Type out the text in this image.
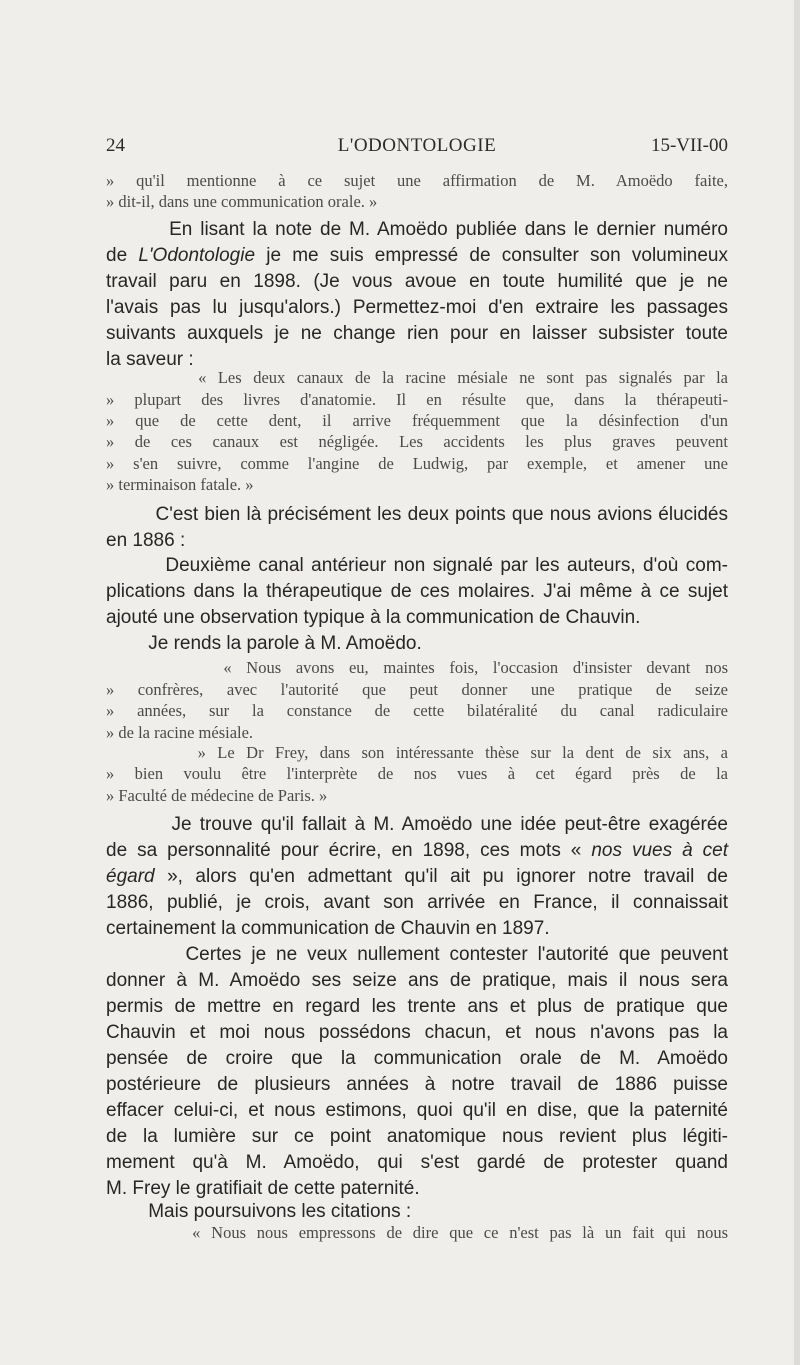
24	L'ODONTOLOGIE	15-VII-00
» qu'il mentionne à ce sujet une affirmation de M. Amoëdo faite,
» dit-il, dans une communication orale. »
En lisant la note de M. Amoëdo publiée dans le dernier numéro
de L'Odontologie je me suis empressé de consulter son volumineux
travail paru en 1898. (Je vous avoue en toute humilité que je ne
l'avais pas lu jusqu'alors.) Permettez-moi d'en extraire les passages
suivants auxquels je ne change rien pour en laisser subsister toute
la saveur :
« Les deux canaux de la racine mésiale ne sont pas signalés par la
» plupart des livres d'anatomie. Il en résulte que, dans la thérapeuti-
» que de cette dent, il arrive fréquemment que la désinfection d'un
» de ces canaux est négligée. Les accidents les plus graves peuvent
» s'en suivre, comme l'angine de Ludwig, par exemple, et amener une
» terminaison fatale. »
C'est bien là précisément les deux points que nous avions élucidés
en 1886 :
Deuxième canal antérieur non signalé par les auteurs, d'où com-
plications dans la thérapeutique de ces molaires. J'ai même à ce sujet
ajouté une observation typique à la communication de Chauvin.
Je rends la parole à M. Amoëdo.
« Nous avons eu, maintes fois, l'occasion d'insister devant nos
» confrères, avec l'autorité que peut donner une pratique de seize
» années, sur la constance de cette bilatéralité du canal radiculaire
» de la racine mésiale.
» Le Dr Frey, dans son intéressante thèse sur la dent de six ans, a
» bien voulu être l'interprète de nos vues à cet égard près de la
» Faculté de médecine de Paris. »
Je trouve qu'il fallait à M. Amoëdo une idée peut-être exagérée
de sa personnalité pour écrire, en 1898, ces mots « nos vues à cet
égard », alors qu'en admettant qu'il ait pu ignorer notre travail de
1886, publié, je crois, avant son arrivée en France, il connaissait
certainement la communication de Chauvin en 1897.
Certes je ne veux nullement contester l'autorité que peuvent
donner à M. Amoëdo ses seize ans de pratique, mais il nous sera
permis de mettre en regard les trente ans et plus de pratique que
Chauvin et moi nous possédons chacun, et nous n'avons pas la
pensée de croire que la communication orale de M. Amoëdo
postérieure de plusieurs années à notre travail de 1886 puisse
effacer celui-ci, et nous estimons, quoi qu'il en dise, que la paternité
de la lumière sur ce point anatomique nous revient plus légiti-
mement qu'à M. Amoëdo, qui s'est gardé de protester quand
M. Frey le gratifiait de cette paternité.
Mais poursuivons les citations :
« Nous nous empressons de dire que ce n'est pas là un fait qui nous
